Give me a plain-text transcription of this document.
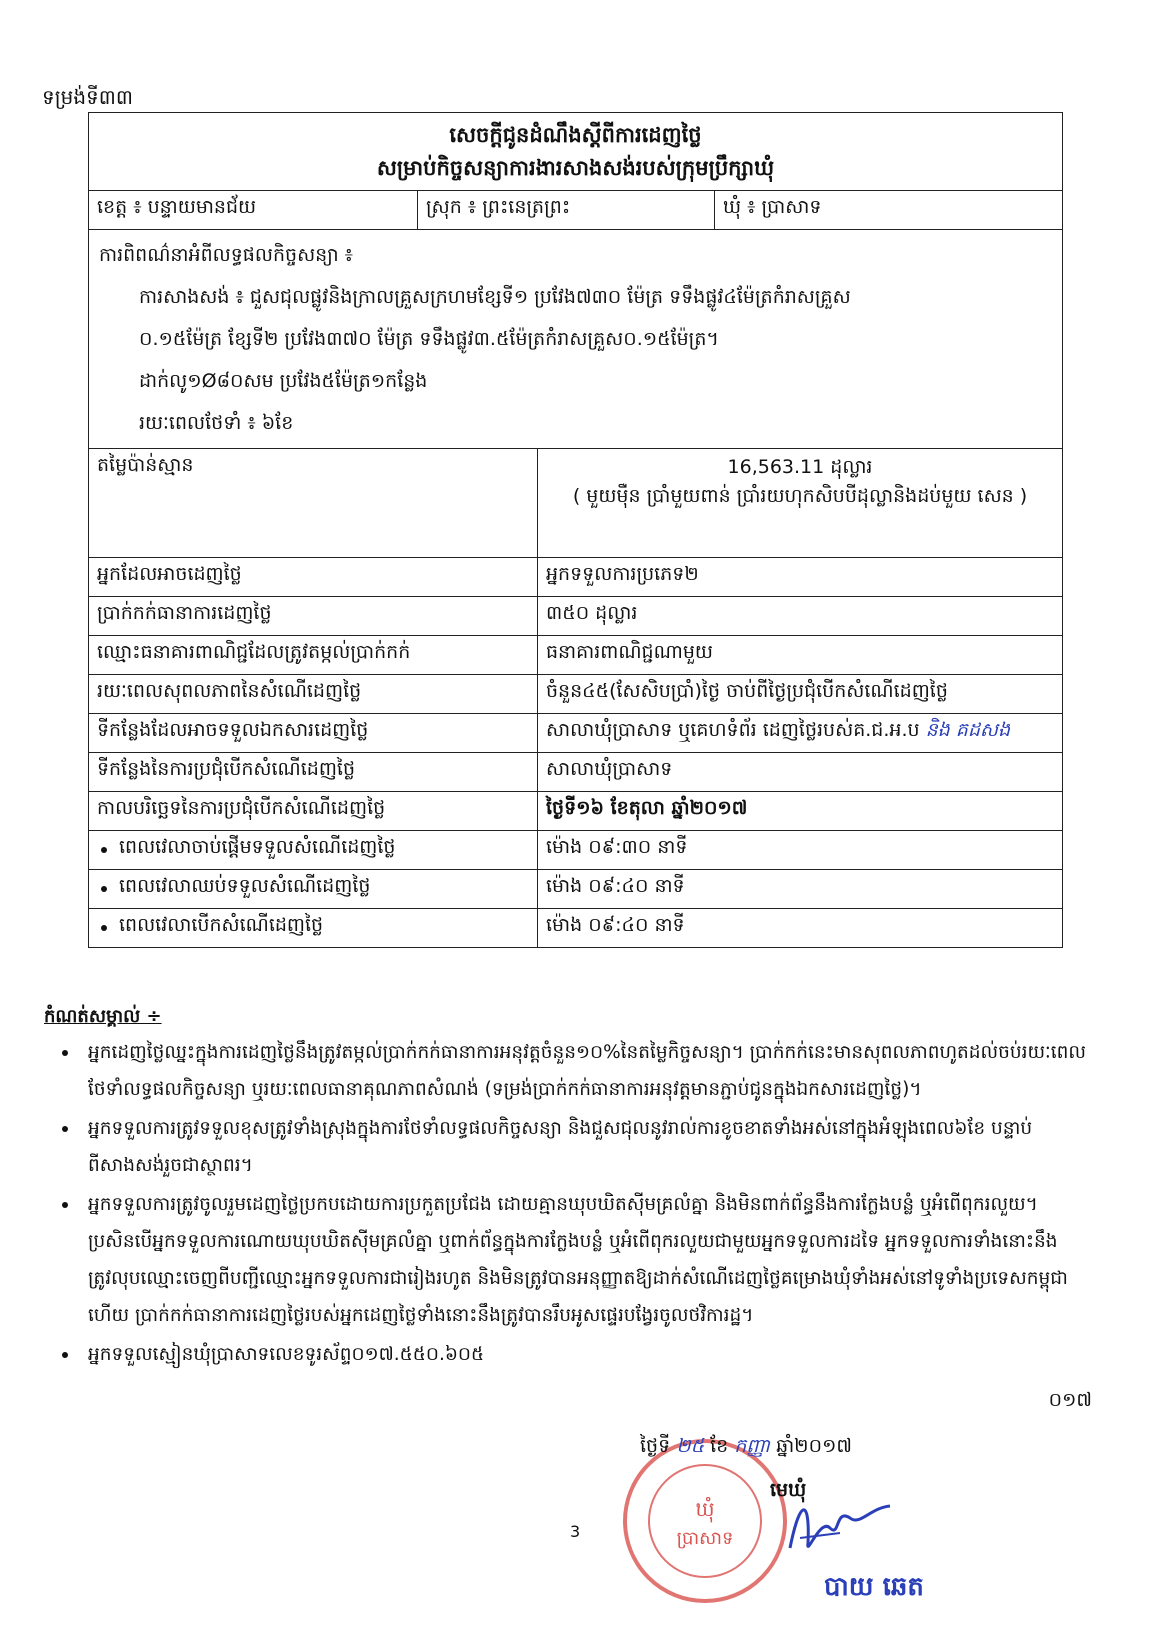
ទម្រង់ទី៣៣
សេចក្តីជូនដំណឹងស្តីពីការដេញថ្លៃ
សម្រាប់កិច្ចសន្យាការងារសាងសង់របស់ក្រុមប្រឹក្សាឃុំ

ខេត្ត ៖ បន្ទាយមានជ័យ	ស្រុក ៖ ព្រះនេត្រព្រះ	ឃុំ ៖ ប្រាសាទ

ការពិពណ៌នាអំពីលទ្ធផលកិច្ចសន្យា ៖
ការសាងសង់ ៖ ជួសជុលផ្លូវនិងក្រាលគ្រួសក្រហមខ្សែទី១ ប្រវែង៧៣០ ម៉ែត្រ ទទឹងផ្លូវ៤ម៉ែត្រកំរាសគ្រួស
០.១៥ម៉ែត្រ ខ្សែទី២ ប្រវែង៣៧០ ម៉ែត្រ ទទឹងផ្លូវ៣.៥ម៉ែត្រកំរាសគ្រួស០.១៥ម៉ែត្រ។
ដាក់លូ១Ø៨០សម ប្រវែង៥ម៉ែត្រ១កន្លែង
រយៈពេលថែទាំ ៖ ៦ខែ
តម្លៃប៉ាន់ស្មាន	16,563.11 ដុល្លារ
( មួយម៉ឺន ប្រាំមួយពាន់ ប្រាំរយហុកសិបបីដុល្លានិងដប់មួយ សេន )

អ្នកដែលអាចដេញថ្លៃ	អ្នកទទួលការប្រភេទ២
ប្រាក់កក់ធានាការដេញថ្លៃ	៣៥០ ដុល្លារ
ឈ្មោះធនាគារពាណិជ្ជដែលត្រូវតម្កល់ប្រាក់កក់	ធនាគារពាណិជ្ជណាមួយ
រយៈពេលសុពលភាពនៃសំណើដេញថ្លៃ	ចំនួន៤៥(សែសិបប្រាំ)ថ្ងៃ ចាប់ពីថ្ងៃប្រជុំបើកសំណើដេញថ្លៃ
ទីកន្លែងដែលអាចទទួលឯកសារដេញថ្លៃ	សាលាឃុំប្រាសាទ ឬគេហទំព័រ ដេញថ្លៃរបស់គ.ជ.អ.ប និង គដសង
ទីកន្លែងនៃការប្រជុំបើកសំណើដេញថ្លៃ	សាលាឃុំប្រាសាទ
កាលបរិច្ឆេទនៃការប្រជុំបើកសំណើដេញថ្លៃ	ថ្ងៃទី១៦ ខែតុលា ឆ្នាំ២០១៧
ពេលវេលាចាប់ផ្តើមទទួលសំណើដេញថ្លៃ	ម៉ោង ០៩:៣០ នាទី
ពេលវេលាឈប់ទទួលសំណើដេញថ្លៃ	ម៉ោង ០៩:៤០ នាទី
ពេលវេលាបើកសំណើដេញថ្លៃ	ម៉ោង ០៩:៤០ នាទី
កំណត់សម្គាល់ ÷
អ្នកដេញថ្លៃឈ្នះក្នុងការដេញថ្លៃនឹងត្រូវតម្កល់ប្រាក់កក់ធានាការអនុវត្តចំនួន១០%នៃតម្លៃកិច្ចសន្យា។ ប្រាក់កក់នេះមានសុពលភាពហូតដល់ចប់រយៈពេលថែទាំលទ្ធផលកិច្ចសន្យា ឬរយៈពេលធានាគុណភាពសំណង់ (ទម្រង់ប្រាក់កក់ធានាការអនុវត្តមានភ្ជាប់ជូនក្នុងឯកសារដេញថ្លៃ)។
អ្នកទទួលការត្រូវទទួលខុសត្រូវទាំងស្រុងក្នុងការថែទាំលទ្ធផលកិច្ចសន្យា និងជួសជុលនូវរាល់ការខូចខាតទាំងអស់នៅក្នុងអំឡុងពេល៦ខែ បន្ទាប់ពីសាងសង់រួចជាស្ថាពរ។
អ្នកទទួលការត្រូវចូលរួមដេញថ្លៃប្រកបដោយការប្រកួតប្រជែង ដោយគ្មានឃុបឃិតស៊ីមគ្រលំគ្នា និងមិនពាក់ព័ន្ធនឹងការក្លែងបន្លំ ឬអំពើពុករលួយ។ ប្រសិនបើអ្នកទទួលការណោយឃុបឃិតស៊ីមគ្រលំគ្នា ឬពាក់ព័ន្ធក្នុងការក្លែងបន្លំ ឬអំពើពុករលួយជាមួយអ្នកទទួលការដទៃ អ្នកទទួលការទាំងនោះនឹងត្រូវលុបឈ្មោះចេញពីបញ្ជីឈ្មោះអ្នកទទួលការជារៀងរហូត និងមិនត្រូវបានអនុញ្ញាតឱ្យដាក់សំណើដេញថ្លៃគម្រោងឃុំទាំងអស់នៅទូទាំងប្រទេសកម្ពុជា ហើយ ប្រាក់កក់ធានាការដេញថ្លៃរបស់អ្នកដេញថ្លៃទាំងនោះនឹងត្រូវបានរឹបអូសផ្ទេរបង្វែរចូលថវិការដ្ឋ។
អ្នកទទួលស្មៀនឃុំប្រាសាទលេខទូរស័ព្ទ០១៧.៥៥០.៦០៥
០១៧
ឃុំ
ប្រាសាទ
ថ្ងៃទី ២៥ ខែ កញ្ញា ឆ្នាំ២០១៧
មេឃុំ
3
បាយ ឆេត
